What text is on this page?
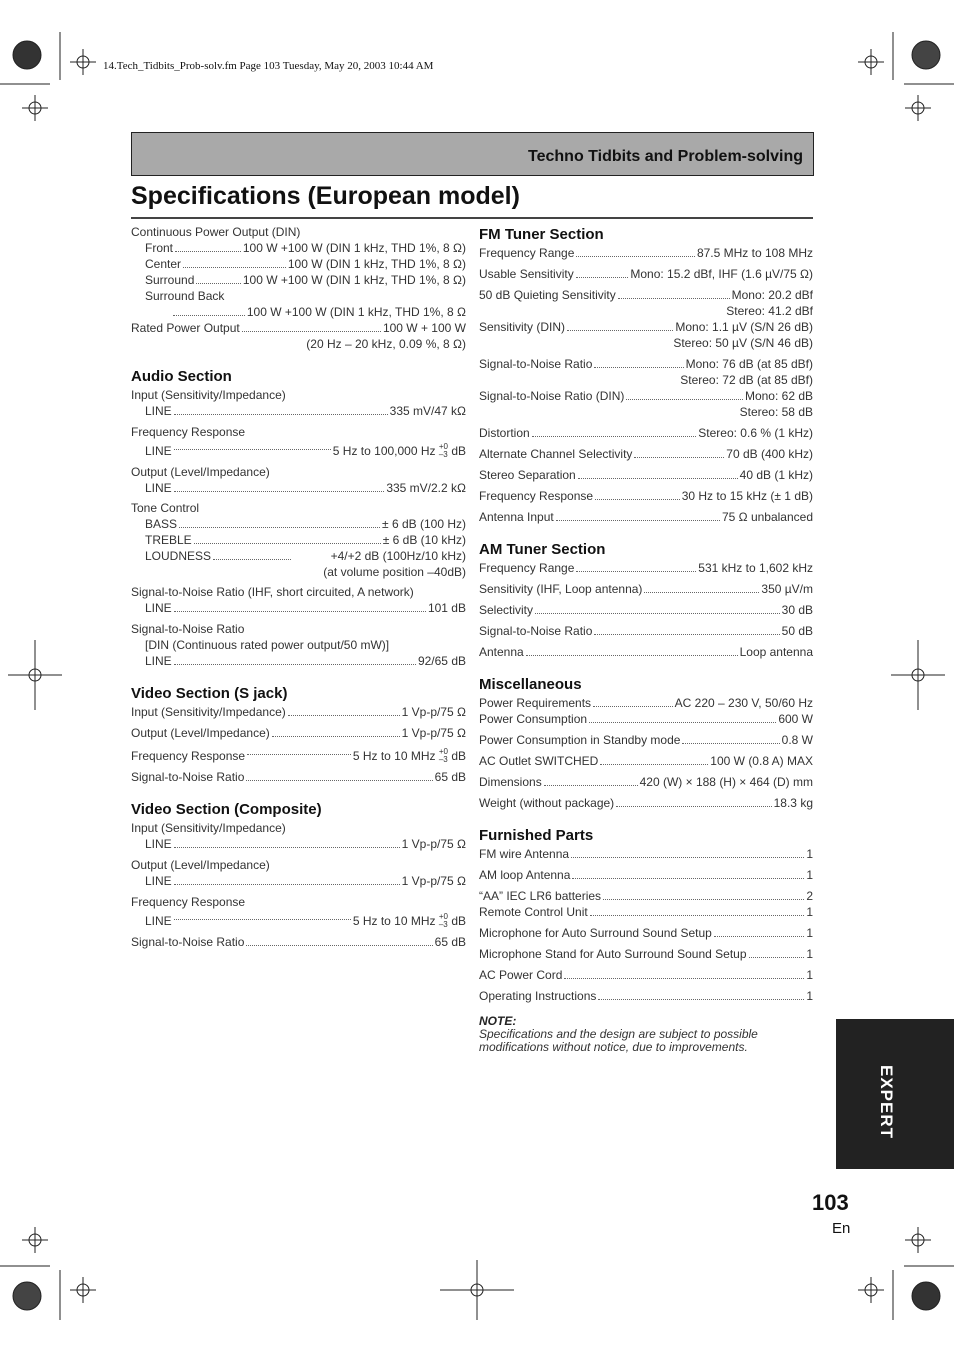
14.Tech_Tidbits_Prob-solv.fm Page 103 Tuesday, May 20, 2003 10:44 AM
Techno Tidbits and Problem-solving
Specifications (European model)
Continuous Power Output (DIN)
Front	100 W +100 W (DIN 1 kHz, THD 1%, 8 Ω)
Center	100 W (DIN 1 kHz, THD 1%, 8 Ω)
Surround	100 W +100 W (DIN 1 kHz, THD 1%, 8 Ω)
Surround Back
100 W +100 W (DIN 1 kHz, THD 1%, 8 Ω
Rated Power Output	100 W + 100 W
(20 Hz – 20 kHz, 0.09 %, 8 Ω)
Audio Section
Input (Sensitivity/Impedance)
LINE	335 mV/47 kΩ
Frequency Response
LINE	5 Hz to 100,000 Hz +0
–3 dB
Output (Level/Impedance)
LINE	335 mV/2.2 kΩ
Tone Control
BASS	± 6 dB (100 Hz)
TREBLE	± 6 dB (10 kHz)
LOUDNESS	+4/+2 dB (100Hz/10 kHz)
(at volume position –40dB)
Signal-to-Noise Ratio (IHF, short circuited, A network)
LINE	101 dB
Signal-to-Noise Ratio
[DIN (Continuous rated power output/50 mW)]
LINE	92/65 dB
Video Section (S jack)
Input (Sensitivity/Impedance)	1 Vp-p/75 Ω
Output (Level/Impedance)	1 Vp-p/75 Ω
Frequency Response	5 Hz to 10 MHz +0
–3 dB
Signal-to-Noise Ratio	65 dB
Video Section (Composite)
Input (Sensitivity/Impedance)
LINE	1 Vp-p/75 Ω
Output (Level/Impedance)
LINE	1 Vp-p/75 Ω
Frequency Response
LINE	5 Hz to 10 MHz +0
–3 dB
Signal-to-Noise Ratio	65 dB
FM Tuner Section
Frequency Range	87.5 MHz to 108 MHz
Usable Sensitivity	Mono: 15.2 dBf, IHF (1.6 µV/75 Ω)
50 dB Quieting Sensitivity	Mono: 20.2 dBf
Stereo: 41.2 dBf
Sensitivity (DIN)	Mono: 1.1 µV (S/N 26 dB)
Stereo: 50 µV (S/N 46 dB)
Signal-to-Noise Ratio	Mono: 76 dB (at 85 dBf)
Stereo: 72 dB (at 85 dBf)
Signal-to-Noise Ratio (DIN)	Mono: 62 dB
Stereo: 58 dB
Distortion	Stereo: 0.6 % (1 kHz)
Alternate Channel Selectivity	70 dB (400 kHz)
Stereo Separation	40 dB (1 kHz)
Frequency Response	30 Hz to 15 kHz (± 1 dB)
Antenna Input	75 Ω unbalanced
AM Tuner Section
Frequency Range	531 kHz to 1,602 kHz
Sensitivity (IHF, Loop antenna)	350 µV/m
Selectivity	30 dB
Signal-to-Noise Ratio	50 dB
Antenna	Loop antenna
Miscellaneous
Power Requirements	AC 220 – 230 V, 50/60 Hz
Power Consumption	600 W
Power Consumption in Standby mode	0.8 W
AC Outlet SWITCHED	100 W (0.8 A) MAX
Dimensions	420 (W) × 188 (H) × 464 (D) mm
Weight (without package)	18.3 kg
Furnished Parts
FM wire Antenna	1
AM loop Antenna	1
“AA” IEC LR6 batteries	2
Remote Control Unit	1
Microphone for Auto Surround Sound Setup	1
Microphone Stand for Auto Surround Sound Setup	1
AC Power Cord	1
Operating Instructions	1
NOTE:
Specifications and the design are subject to possible modifications without notice, due to improvements.
EXPERT
103
En
